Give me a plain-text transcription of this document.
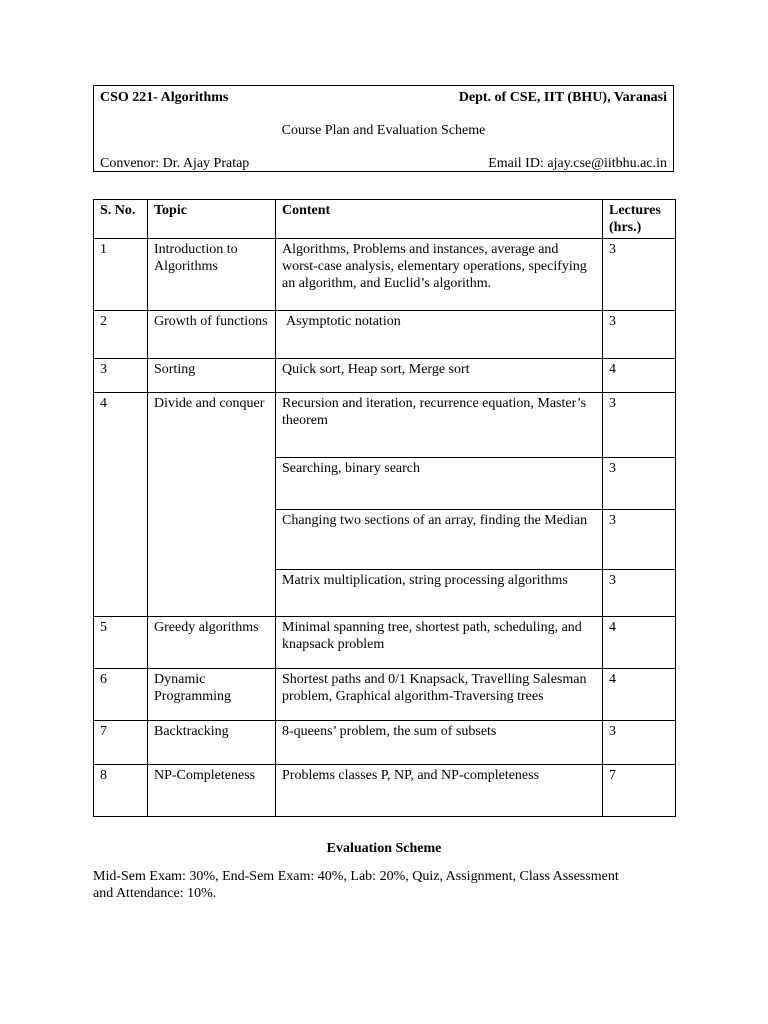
CSO 221- Algorithms	Dept. of CSE, IIT (BHU), Varanasi
Course Plan and Evaluation Scheme
Convenor: Dr. Ajay Pratap	Email ID: ajay.cse@iitbhu.ac.in
S. No.	Topic	Content	Lectures (hrs.)
1	Introduction to Algorithms	Algorithms, Problems and instances, average and worst-case analysis, elementary operations, specifying an algorithm, and Euclid’s algorithm.	3
2	Growth of functions	Asymptotic notation	3
3	Sorting	Quick sort, Heap sort, Merge sort	4
4	Divide and conquer	Recursion and iteration, recurrence equation, Master’s theorem	3
		Searching, binary search	3
		Changing two sections of an array, finding the Median	3
		Matrix multiplication, string processing algorithms	3
5	Greedy algorithms	Minimal spanning tree, shortest path, scheduling, and knapsack problem	4
6	Dynamic Programming	Shortest paths and 0/1 Knapsack, Travelling Salesman problem, Graphical algorithm-Traversing trees	4
7	Backtracking	8-queens’ problem, the sum of subsets	3
8	NP-Completeness	Problems classes P, NP, and NP-completeness	7
Evaluation Scheme
Mid-Sem Exam: 30%, End-Sem Exam: 40%, Lab: 20%, Quiz, Assignment, Class Assessment and Attendance: 10%.
